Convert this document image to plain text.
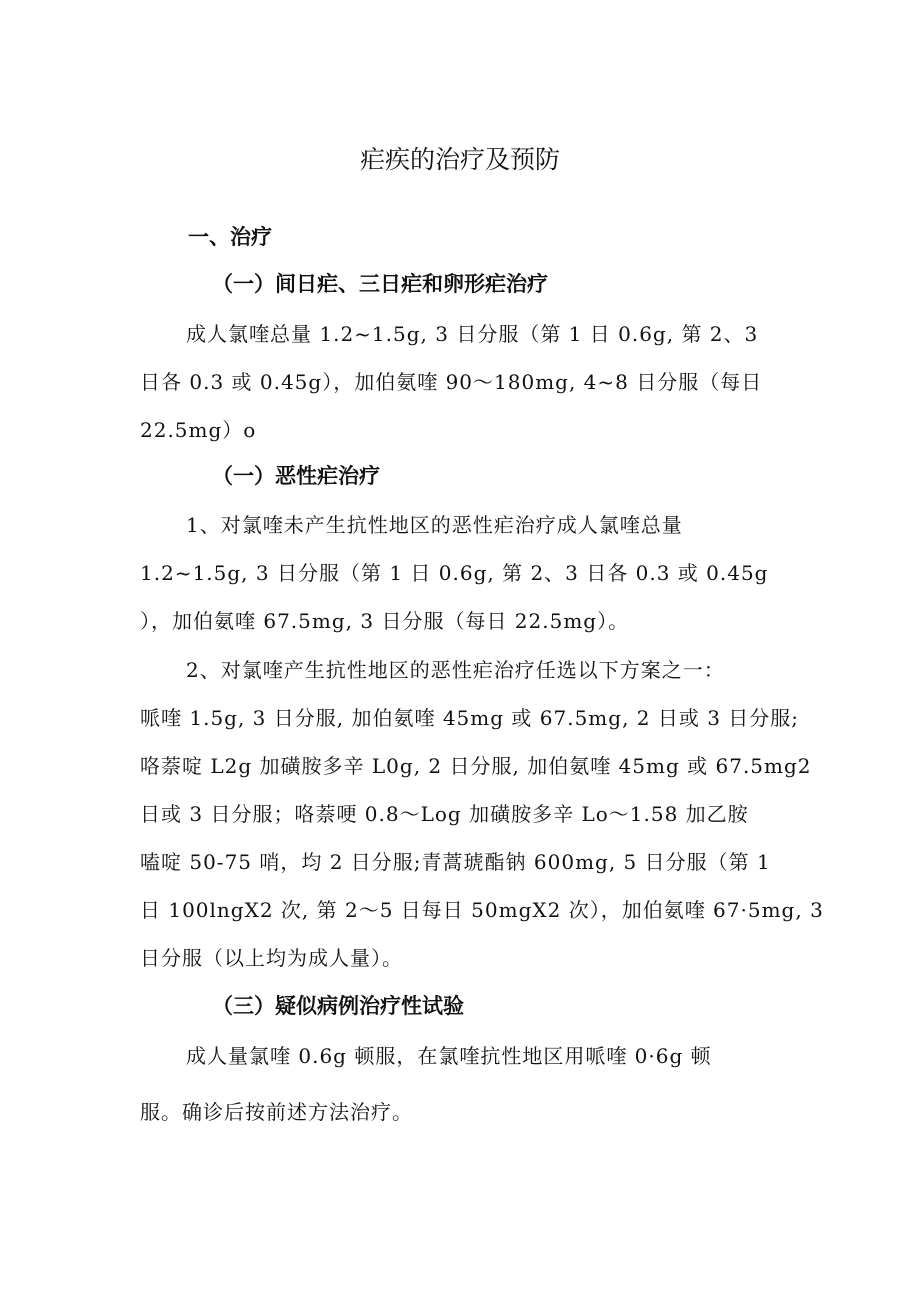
疟疾的治疗及预防
一、治疗
（一）间日疟、三日疟和卵形疟治疗
成人氯喹总量 1.2~1.5g, 3 日分服（第 1 日 0.6g, 第 2、3
日各 0.3 或 0.45g），加伯氨喹 90～180mg, 4~8 日分服（每日
22.5mg）o
（一）恶性疟治疗
1、对氯喹未产生抗性地区的恶性疟治疗成人氯喹总量
1.2~1.5g, 3 日分服（第 1 日 0.6g, 第 2、3 日各 0.3 或 0.45g
），加伯氨喹 67.5mg, 3 日分服（每日 22.5mg）。
2、对氯喹产生抗性地区的恶性疟治疗任选以下方案之一：
哌喹 1.5g, 3 日分服, 加伯氨喹 45mg 或 67.5mg, 2 日或 3 日分服;
咯萘啶 L2g 加磺胺多辛 L0g, 2 日分服, 加伯氨喹 45mg 或 67.5mg2
日或 3 日分服；咯萘哽 0.8～Log 加磺胺多辛 Lo～1.58 加乙胺
嗑啶 50-75 哨，均 2 日分服;青蒿琥酯钠 600mg, 5 日分服（第 1
日 100lngX2 次, 第 2～5 日每日 50mgX2 次），加伯氨喹 67·5mg, 3
日分服（以上均为成人量）。
（三）疑似病例治疗性试验
成人量氯喹 0.6g 顿服，在氯喹抗性地区用哌喹 0·6g 顿
服。确诊后按前述方法治疗。
